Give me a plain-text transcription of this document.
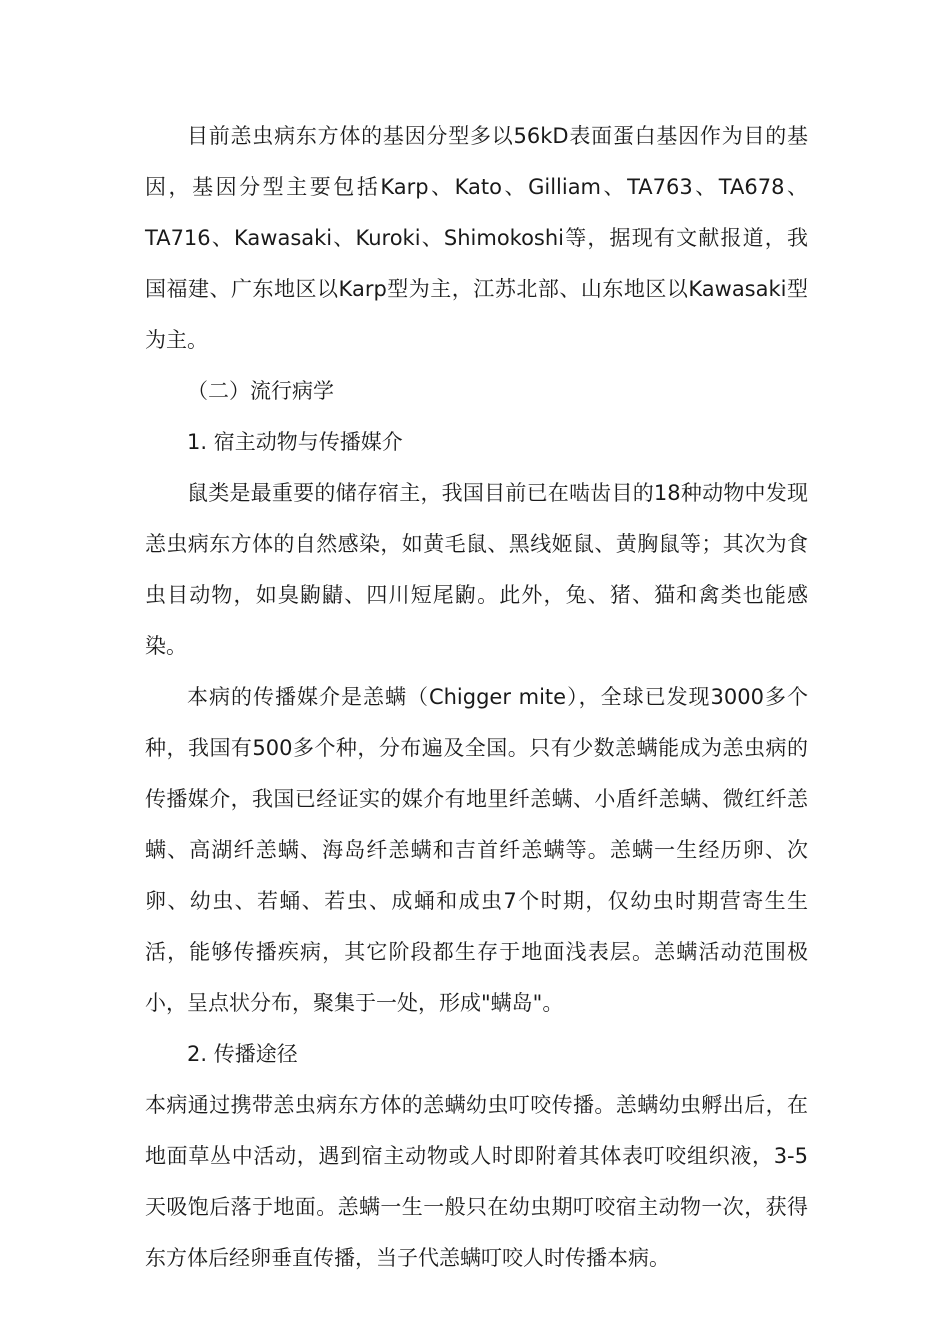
目前恙虫病东方体的基因分型多以56kD表面蛋白基因作为目的基因，基因分型主要包括Karp、Kato、Gilliam、TA763、TA678、TA716、Kawasaki、Kuroki、Shimokoshi等，据现有文献报道，我国福建、广东地区以Karp型为主，江苏北部、山东地区以Kawasaki型为主。

（二）流行病学

1. 宿主动物与传播媒介

鼠类是最重要的储存宿主，我国目前已在啮齿目的18种动物中发现恙虫病东方体的自然感染，如黄毛鼠、黑线姬鼠、黄胸鼠等；其次为食虫目动物，如臭鼩鼱、四川短尾鼩。此外，兔、猪、猫和禽类也能感染。

本病的传播媒介是恙螨（Chigger mite），全球已发现3000多个种，我国有500多个种，分布遍及全国。只有少数恙螨能成为恙虫病的传播媒介，我国已经证实的媒介有地里纤恙螨、小盾纤恙螨、微红纤恙螨、高湖纤恙螨、海岛纤恙螨和吉首纤恙螨等。恙螨一生经历卵、次卵、幼虫、若蛹、若虫、成蛹和成虫7个时期，仅幼虫时期营寄生生活，能够传播疾病，其它阶段都生存于地面浅表层。恙螨活动范围极小，呈点状分布，聚集于一处，形成"螨岛"。

2. 传播途径

本病通过携带恙虫病东方体的恙螨幼虫叮咬传播。恙螨幼虫孵出后，在地面草丛中活动，遇到宿主动物或人时即附着其体表叮咬组织液，3-5天吸饱后落于地面。恙螨一生一般只在幼虫期叮咬宿主动物一次，获得东方体后经卵垂直传播，当子代恙螨叮咬人时传播本病。
